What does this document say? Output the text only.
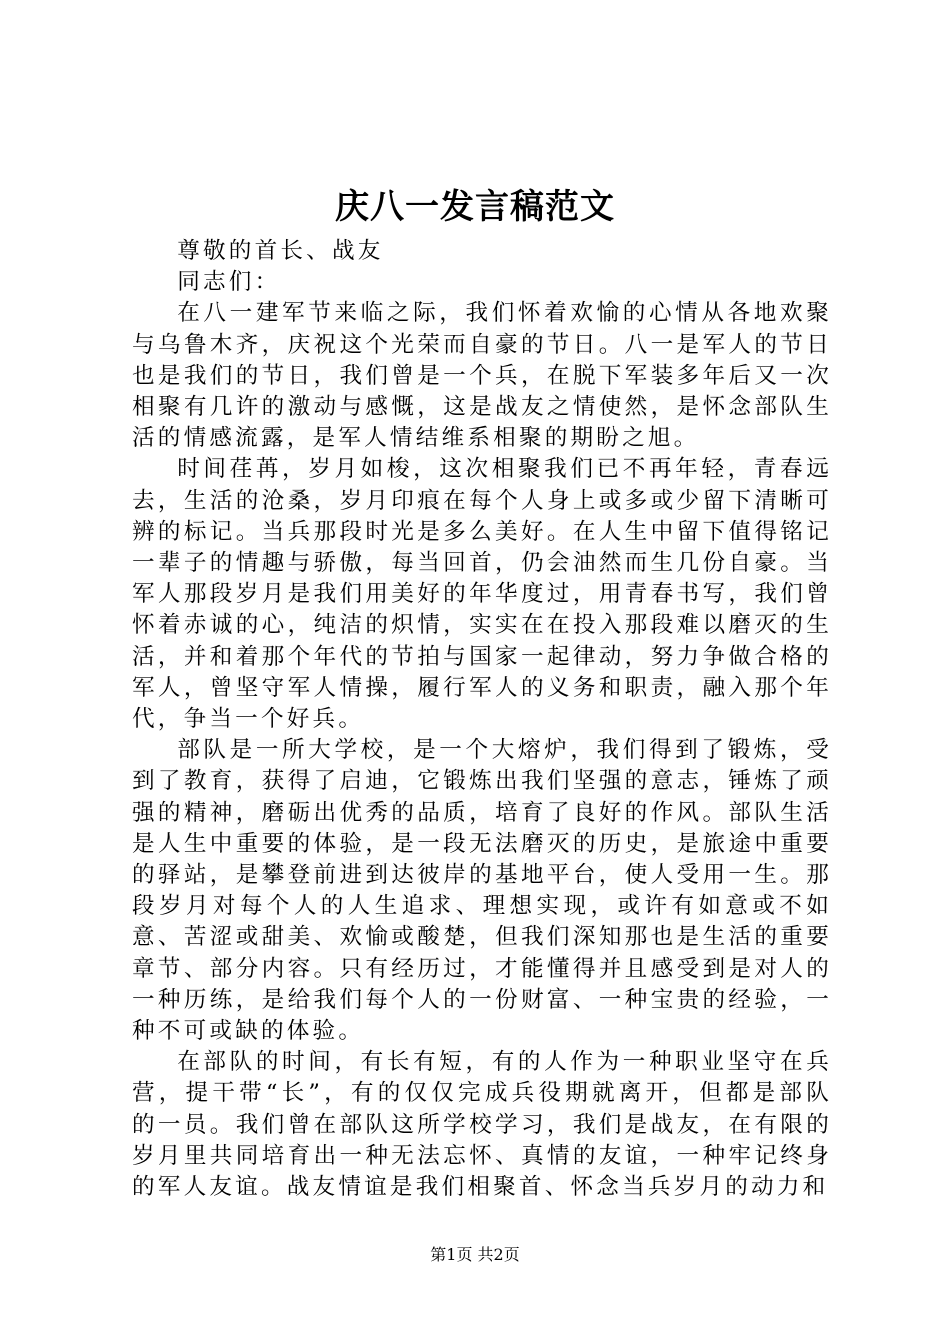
庆八一发言稿范文

尊敬的首长、战友

同志们：

在八一建军节来临之际，我们怀着欢愉的心情从各地欢聚与乌鲁木齐，庆祝这个光荣而自豪的节日。八一是军人的节日也是我们的节日，我们曾是一个兵，在脱下军装多年后又一次相聚有几许的激动与感慨，这是战友之情使然，是怀念部队生活的情感流露，是军人情结维系相聚的期盼之旭。

时间荏苒，岁月如梭，这次相聚我们已不再年轻，青春远去，生活的沧桑，岁月印痕在每个人身上或多或少留下清晰可辨的标记。当兵那段时光是多么美好。在人生中留下值得铭记一辈子的情趣与骄傲，每当回首，仍会油然而生几份自豪。当军人那段岁月是我们用美好的年华度过，用青春书写，我们曾怀着赤诚的心，纯洁的炽情，实实在在投入那段难以磨灭的生活，并和着那个年代的节拍与国家一起律动，努力争做合格的军人，曾坚守军人情操，履行军人的义务和职责，融入那个年代，争当一个好兵。

部队是一所大学校，是一个大熔炉，我们得到了锻炼，受到了教育，获得了启迪，它锻炼出我们坚强的意志，锤炼了顽强的精神，磨砺出优秀的品质，培育了良好的作风。部队生活是人生中重要的体验，是一段无法磨灭的历史，是旅途中重要的驿站，是攀登前进到达彼岸的基地平台，使人受用一生。那段岁月对每个人的人生追求、理想实现，或许有如意或不如意、苦涩或甜美、欢愉或酸楚，但我们深知那也是生活的重要章节、部分内容。只有经历过，才能懂得并且感受到是对人的一种历练，是给我们每个人的一份财富、一种宝贵的经验，一种不可或缺的体验。

在部队的时间，有长有短，有的人作为一种职业坚守在兵营，提干带“长”，有的仅仅完成兵役期就离开，但都是部队的一员。我们曾在部队这所学校学习，我们是战友，在有限的岁月里共同培育出一种无法忘怀、真情的友谊，一种牢记终身的军人友谊。战友情谊是我们相聚首、怀念当兵岁月的动力和

第1页 共2页
